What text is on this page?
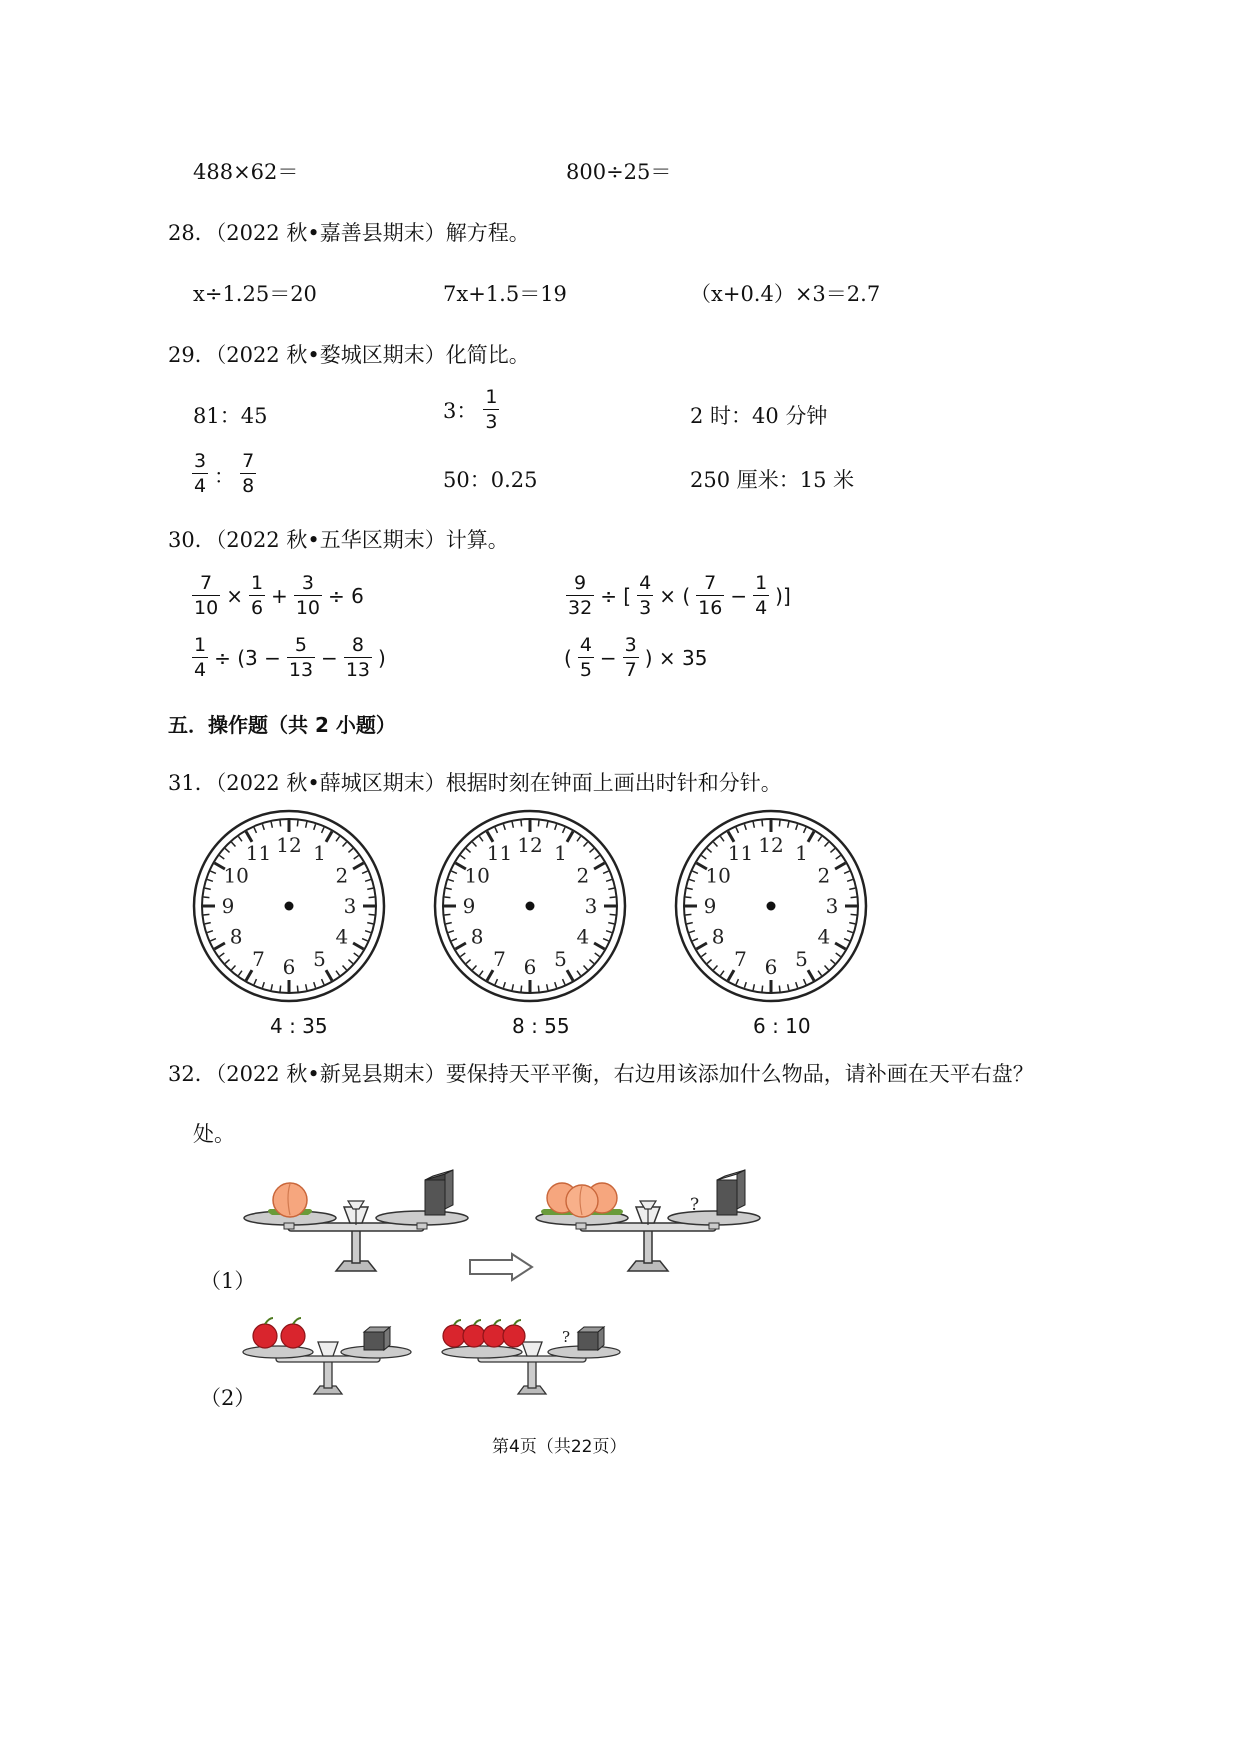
488×62＝	800÷25＝
28．（2022 秋•嘉善县期末）解方程。
x÷1.25＝20	7x+1.5＝19	（x+0.4）×3＝2.7
29．（2022 秋•婺城区期末）化简比。
81：45	3： $\frac{1}{3}$	2 时：40 分钟
$\frac{3}{4}$ ： $\frac{7}{8}$	50：0.25	250 厘米：15 米
30．（2022 秋•五华区期末）计算。
$\frac{7}{10} \times \frac{1}{6} + \frac{3}{10} \div 6$	$\frac{9}{32}$ ÷ [ $\frac{4}{3}$ × ( $\frac{7}{16} - \frac{1}{4}$ )]
$\frac{1}{4} \div (3 - \frac{5}{13} - \frac{8}{13}$ )	( $\frac{4}{5} - \frac{3}{7}$ ) × 35
五．操作题（共 2 小题）
31．（2022 秋•薛城区期末）根据时刻在钟面上画出时针和分针。
12 1
2
3
4
5
6
7
8
9
10
11	12 1
2
3
4
5
6
7
8
9
10
11	12 1
2
3
4
5
6
7
8
9
10
11
4 : 35	8 : 55	6 : 10
32．（2022 秋•新晃县期末）要保持天平平衡，右边用该添加什么物品，请补画在天平右盘？
处。
（1）
（2）
?
?
第4页（共22页）
